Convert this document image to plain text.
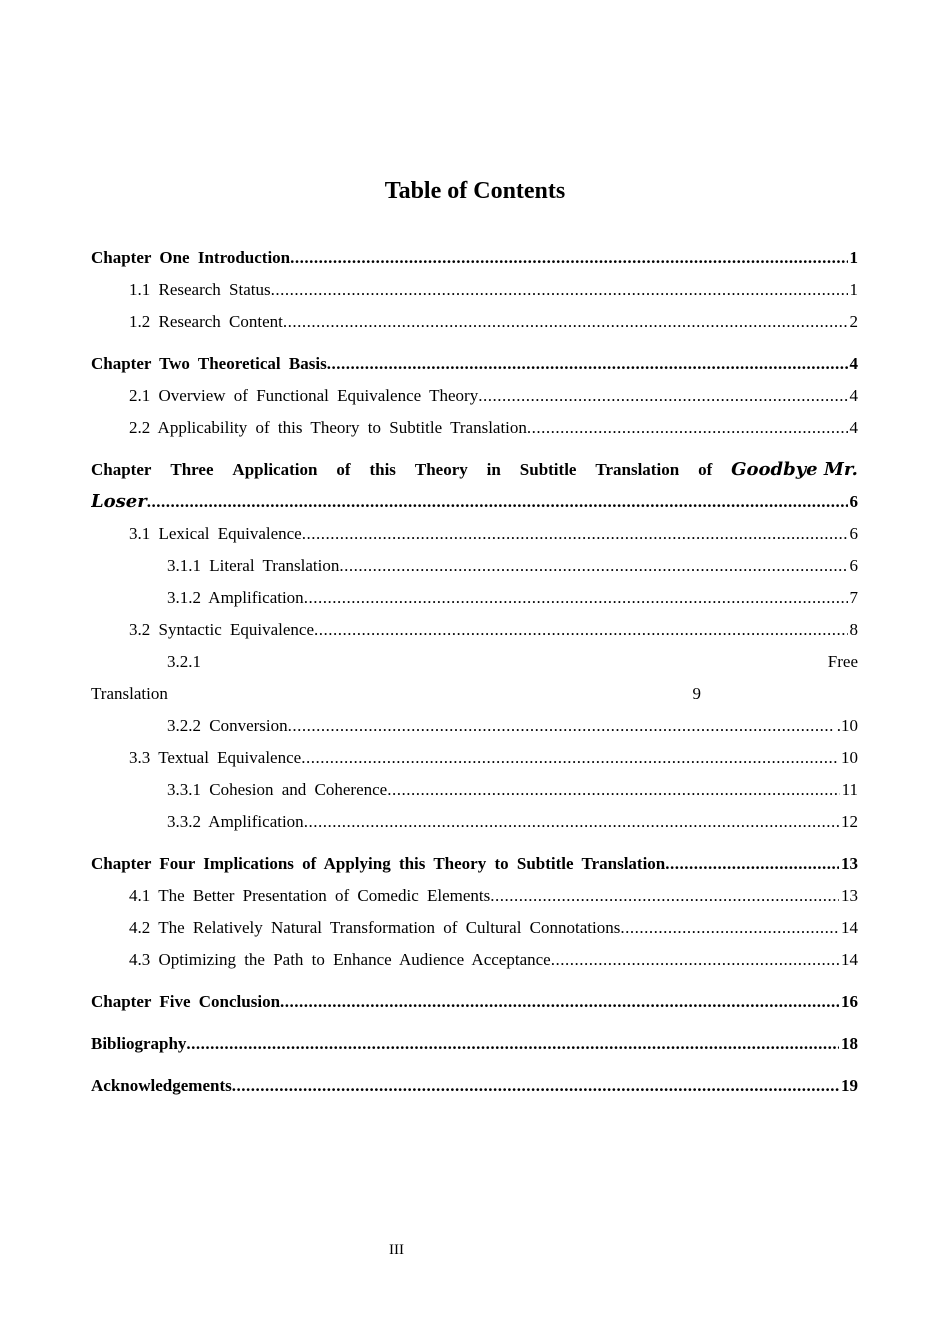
Table of Contents
Chapter One Introduction .....	1
1.1 Research Status .....	1
1.2 Research Content .....	2
Chapter Two Theoretical Basis .....	4
2.1 Overview of Functional Equivalence Theory .....	4
2.2 Applicability of this Theory to Subtitle Translation .....	4
Chapter Three Application of this Theory in Subtitle Translation of Goodbye Mr.
Loser .....	6
3.1 Lexical Equivalence .....	6
3.1.1 Literal Translation .....	6
3.1.2 Amplification .....	7
3.2 Syntactic Equivalence .....	8
3.2.1	Free
Translation	9
3.2.2 Conversion .....	.10
3.3 Textual Equivalence .....	10
3.3.1 Cohesion and Coherence .....	11
3.3.2 Amplification .....	12
Chapter Four Implications of Applying this Theory to Subtitle Translation .....	13
4.1 The Better Presentation of Comedic Elements .....	13
4.2 The Relatively Natural Transformation of Cultural Connotations .....	14
4.3 Optimizing the Path to Enhance Audience Acceptance .....	14
Chapter Five Conclusion .....	16
Bibliography .....	18
Acknowledgements .....	19
III
